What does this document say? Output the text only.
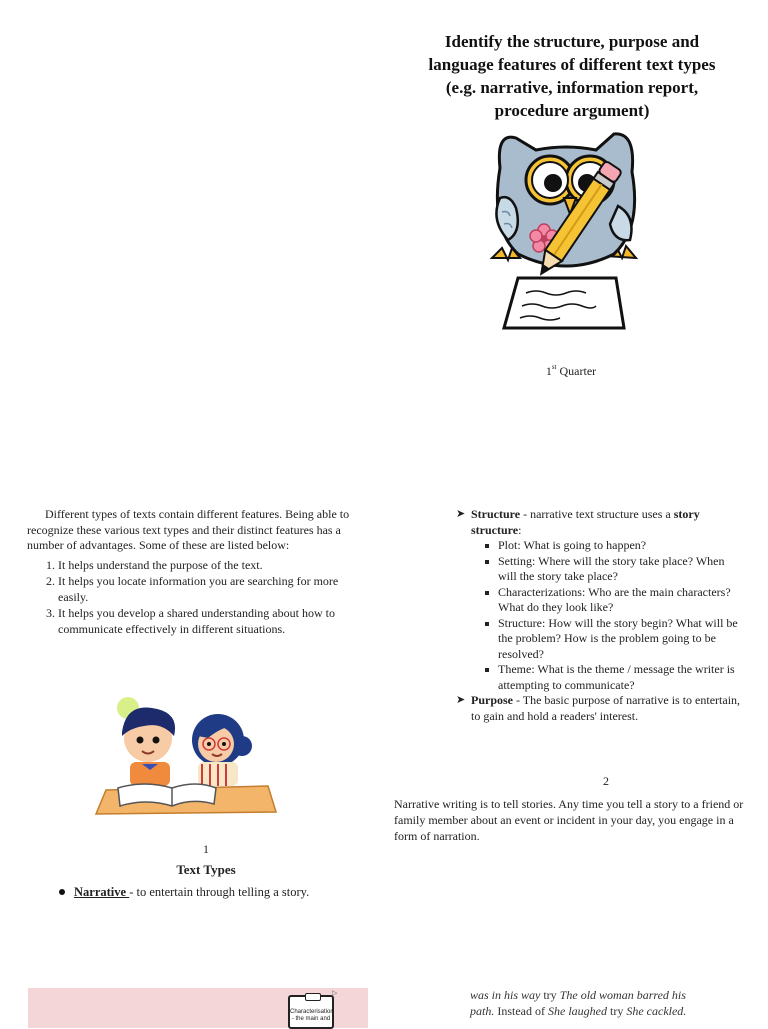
Identify the structure, purpose and
language features of different text types
(e.g. narrative, information report,
procedure argument)
1st Quarter

Different types of texts contain different features. Being able to recognize these various text types and their distinct features has a number of advantages. Some of these are listed below:

1. It helps understand the purpose of the text.
2. It helps you locate information you are searching for more easily.
3. It helps you develop a shared understanding about how to communicate effectively in different situations.
1
Text Types
Narrative - to entertain through telling a story.
➤ Structure - narrative text structure uses a story structure:
Plot: What is going to happen?
Setting: Where will the story take place? When will the story take place?
Characterizations: Who are the main characters? What do they look like?
Structure: How will the story begin? What will be the problem? How is the problem going to be resolved?
Theme: What is the theme / message the writer is attempting to communicate?
➤ Purpose - The basic purpose of narrative is to entertain, to gain and hold a readers' interest.
2
Narrative writing is to tell stories. Any time you tell a story to a friend or family member about an event or incident in your day, you engage in a form of narration.
Characterisation - the main and
▷	was in his way try The old woman barred his
path. Instead of She laughed try She cackled.
